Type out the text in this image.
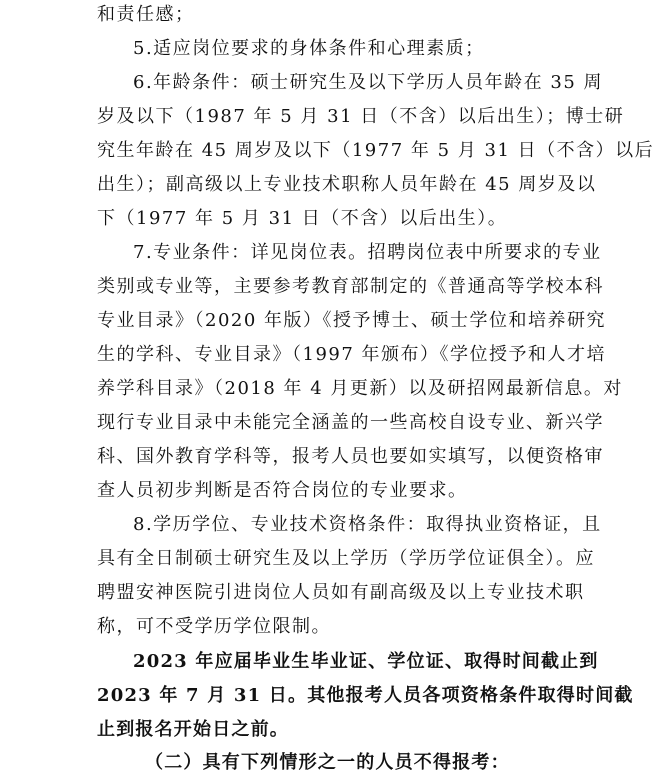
和责任感；
5.适应岗位要求的身体条件和心理素质；
6.年龄条件：硕士研究生及以下学历人员年龄在 35 周
岁及以下（1987 年 5 月 31 日（不含）以后出生）；博士研
究生年龄在 45 周岁及以下（1977 年 5 月 31 日（不含）以后
出生）；副高级以上专业技术职称人员年龄在 45 周岁及以
下（1977 年 5 月 31 日（不含）以后出生）。
7.专业条件：详见岗位表。招聘岗位表中所要求的专业
类别或专业等，主要参考教育部制定的《普通高等学校本科
专业目录》（2020 年版）《授予博士、硕士学位和培养研究
生的学科、专业目录》（1997 年颁布）《学位授予和人才培
养学科目录》（2018 年 4 月更新）以及研招网最新信息。对
现行专业目录中未能完全涵盖的一些高校自设专业、新兴学
科、国外教育学科等，报考人员也要如实填写，以便资格审
查人员初步判断是否符合岗位的专业要求。
8.学历学位、专业技术资格条件：取得执业资格证，且
具有全日制硕士研究生及以上学历（学历学位证俱全）。应
聘盟安神医院引进岗位人员如有副高级及以上专业技术职
称，可不受学历学位限制。
2023 年应届毕业生毕业证、学位证、取得时间截止到
2023 年 7 月 31 日。其他报考人员各项资格条件取得时间截
止到报名开始日之前。
（二）具有下列情形之一的人员不得报考：
